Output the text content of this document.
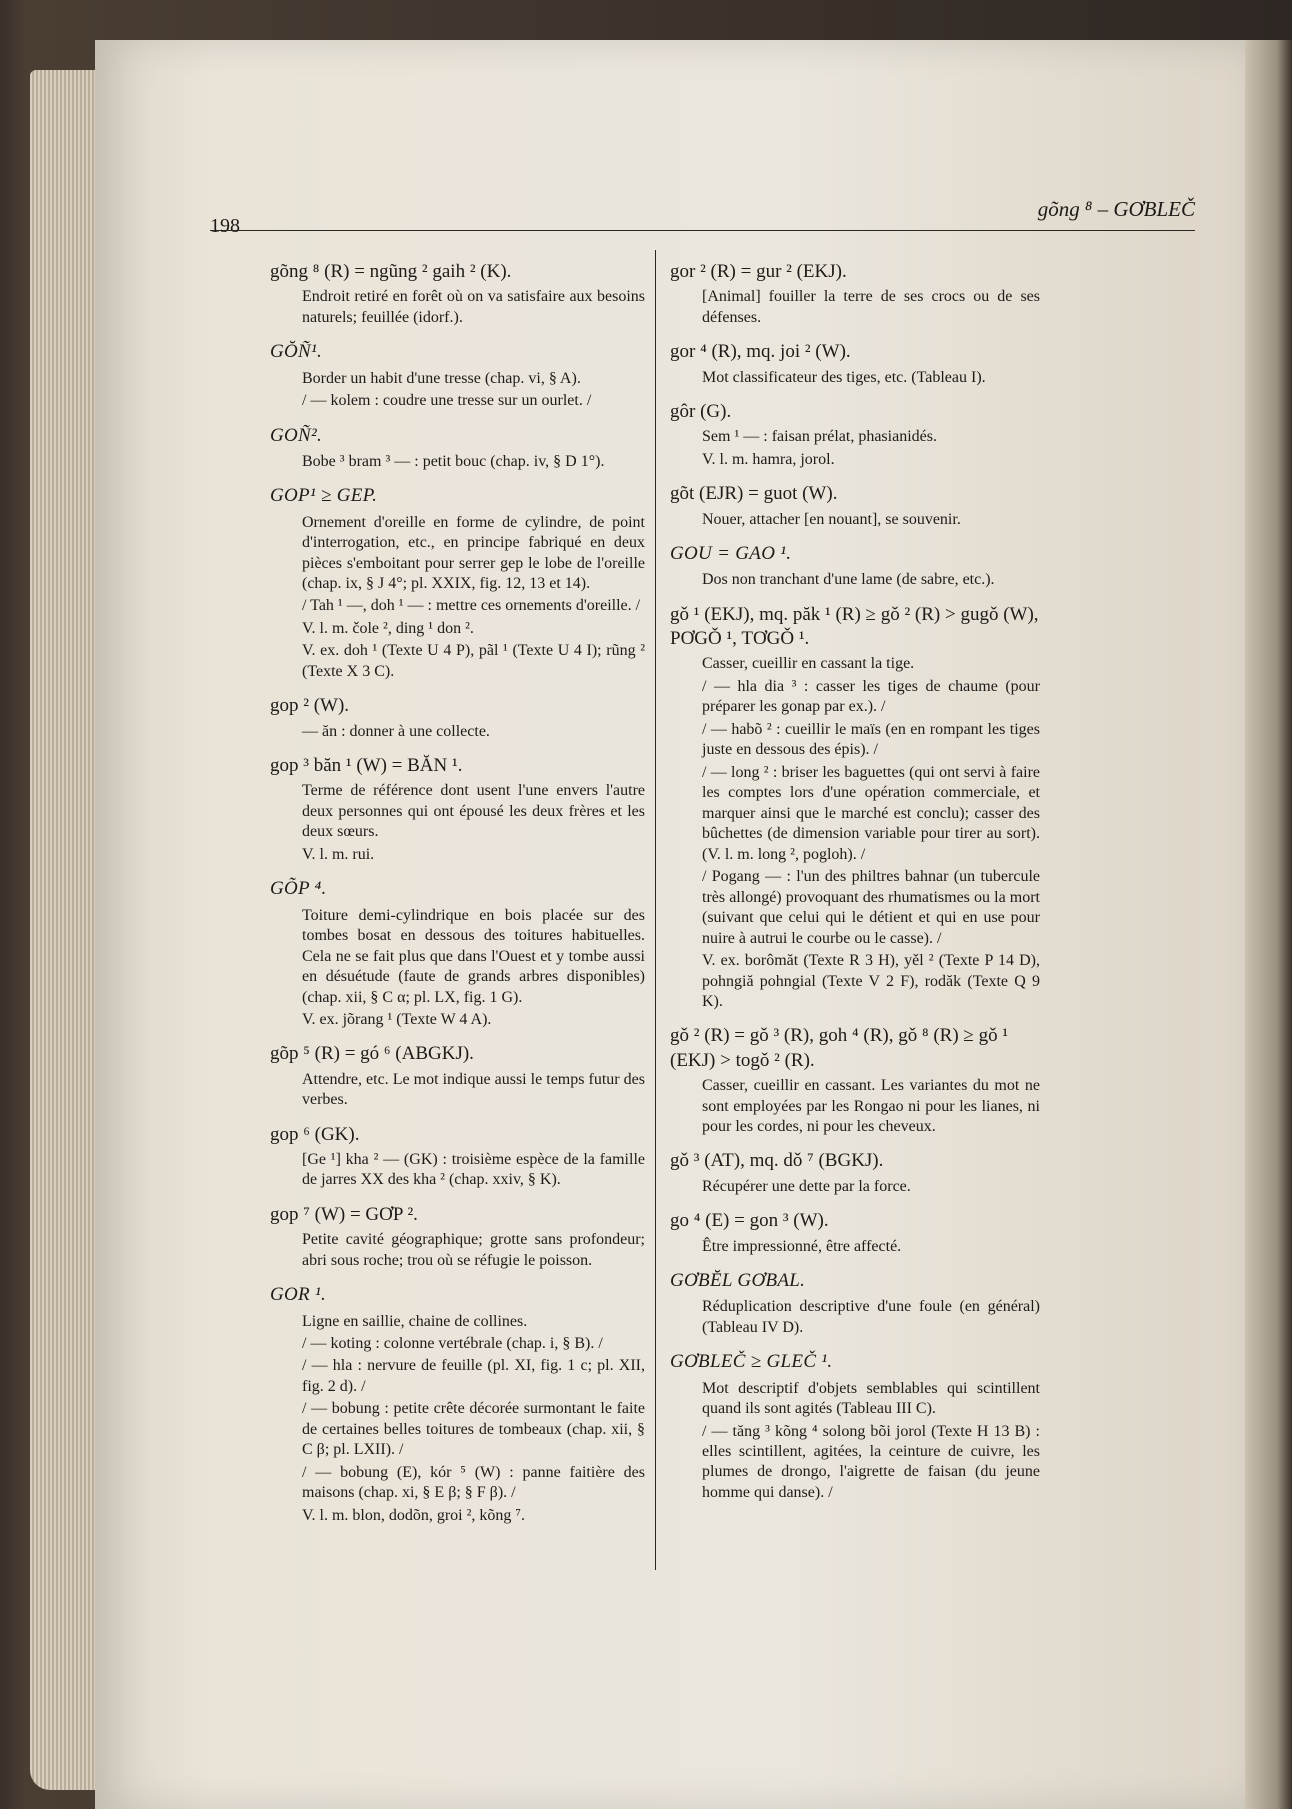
198
gõng ⁸ – GƠBLEČ
gõng ⁸ (R) = ngũng ² gaih ² (K).

Endroit retiré en forêt où on va satisfaire aux besoins naturels; feuillée (idorf.).

GŎÑ¹.

Border un habit d'une tresse (chap. vi, § A).

/ — kolem : coudre une tresse sur un ourlet. /

GOÑ².

Bobe ³ bram ³ — : petit bouc (chap. iv, § D 1°).

GOP¹ ≥ GEP.

Ornement d'oreille en forme de cylindre, de point d'interrogation, etc., en principe fabriqué en deux pièces s'emboitant pour serrer gep le lobe de l'oreille (chap. ix, § J 4°; pl. XXIX, fig. 12, 13 et 14).

/ Tah ¹ —, doh ¹ — : mettre ces ornements d'oreille. /

V. l. m. čole ², ding ¹ don ².

V. ex. doh ¹ (Texte U 4 P), pãl ¹ (Texte U 4 I); rũng ² (Texte X 3 C).

gop ² (W).

— ăn : donner à une collecte.

gop ³ băn ¹ (W) = BĂN ¹.

Terme de référence dont usent l'une envers l'autre deux personnes qui ont épousé les deux frères et les deux sœurs.

V. l. m. rui.

GÕP ⁴.

Toiture demi-cylindrique en bois placée sur des tombes bosat en dessous des toitures habituelles. Cela ne se fait plus que dans l'Ouest et y tombe aussi en désuétude (faute de grands arbres disponibles) (chap. xii, § C α; pl. LX, fig. 1 G).

V. ex. jõrang ¹ (Texte W 4 A).

gõp ⁵ (R) = gó ⁶ (ABGKJ).

Attendre, etc. Le mot indique aussi le temps futur des verbes.

gop ⁶ (GK).

[Ge ¹] kha ² — (GK) : troisième espèce de la famille de jarres XX des kha ² (chap. xxiv, § K).

gop ⁷ (W) = GƠP ².

Petite cavité géographique; grotte sans profondeur; abri sous roche; trou où se réfugie le poisson.

GOR ¹.

Ligne en saillie, chaine de collines.

/ — koting : colonne vertébrale (chap. i, § B). /

/ — hla : nervure de feuille (pl. XI, fig. 1 c; pl. XII, fig. 2 d). /

/ — bobung : petite crête décorée surmontant le faite de certaines belles toitures de tombeaux (chap. xii, § C β; pl. LXII). /

/ — bobung (E), kór ⁵ (W) : panne faitière des maisons (chap. xi, § E β; § F β). /

V. l. m. blon, dodõn, groi ², kõng ⁷.

gor ² (R) = gur ² (EKJ).

[Animal] fouiller la terre de ses crocs ou de ses défenses.

gor ⁴ (R), mq. joi ² (W).

Mot classificateur des tiges, etc. (Tableau I).

gôr (G).

Sem ¹ — : faisan prélat, phasianidés.

V. l. m. hamra, jorol.

gõt (EJR) = guot (W).

Nouer, attacher [en nouant], se souvenir.

GOU = GAO ¹.

Dos non tranchant d'une lame (de sabre, etc.).

gǒ ¹ (EKJ), mq. păk ¹ (R) ≥ gǒ ² (R) > gugǒ (W), PƠGǑ ¹, TƠGǑ ¹.

Casser, cueillir en cassant la tige.

/ — hla dia ³ : casser les tiges de chaume (pour préparer les gonap par ex.). /

/ — habõ ² : cueillir le maïs (en en rompant les tiges juste en dessous des épis). /

/ — long ² : briser les baguettes (qui ont servi à faire les comptes lors d'une opération commerciale, et marquer ainsi que le marché est conclu); casser des bûchettes (de dimension variable pour tirer au sort). (V. l. m. long ², poglоh). /

/ Pogang — : l'un des philtres bahnar (un tubercule très allongé) provoquant des rhumatismes ou la mort (suivant que celui qui le détient et qui en use pour nuire à autrui le courbe ou le casse). /

V. ex. borômăt (Texte R 3 H), yěl ² (Texte P 14 D), pohngiă pohngial (Texte V 2 F), rodăk (Texte Q 9 K).

gǒ ² (R) = gǒ ³ (R), goh ⁴ (R), gǒ ⁸ (R) ≥ gǒ ¹ (EKJ) > togǒ ² (R).

Casser, cueillir en cassant. Les variantes du mot ne sont employées par les Rongao ni pour les lianes, ni pour les cordes, ni pour les cheveux.

gǒ ³ (AT), mq. dǒ ⁷ (BGKJ).

Récupérer une dette par la force.

go ⁴ (E) = gon ³ (W).

Être impressionné, être affecté.

GƠBĔL GƠBAL.

Réduplication descriptive d'une foule (en général) (Tableau IV D).

GƠBLEČ ≥ GLEČ ¹.

Mot descriptif d'objets semblables qui scintillent quand ils sont agités (Tableau III C).

/ — tăng ³ kõng ⁴ solong bõi jorol (Texte H 13 B) : elles scintillent, agitées, la ceinture de cuivre, les plumes de drongo, l'aigrette de faisan (du jeune homme qui danse). /
